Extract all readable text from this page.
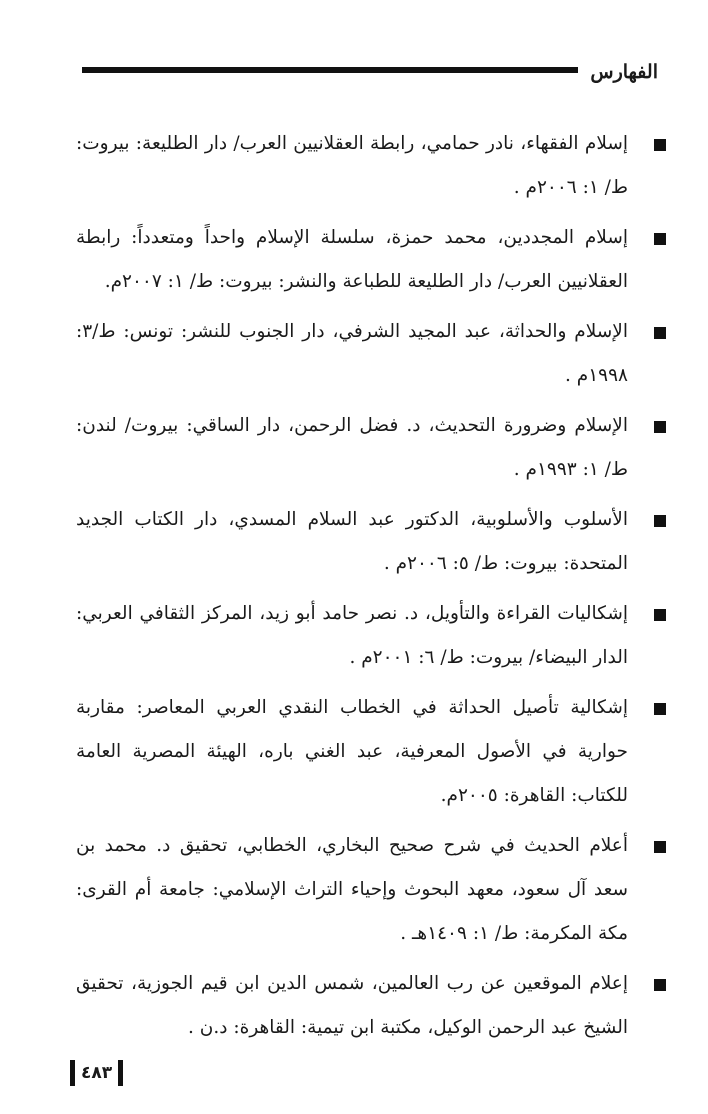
الفهارس
إسلام الفقهاء، نادر حمامي، رابطة العقلانيين العرب/ دار الطليعة: بيروت: ط/ ١: ٢٠٠٦م .
إسلام المجددين، محمد حمزة، سلسلة الإسلام واحداً ومتعدداً: رابطة العقلانيين العرب/ دار الطليعة للطباعة والنشر: بيروت: ط/ ١: ٢٠٠٧م.
الإسلام والحداثة، عبد المجيد الشرفي، دار الجنوب للنشر: تونس: ط/٣: ١٩٩٨م .
الإسلام وضرورة التحديث، د. فضل الرحمن، دار الساقي: بيروت/ لندن: ط/ ١: ١٩٩٣م .
الأسلوب والأسلوبية، الدكتور عبد السلام المسدي، دار الكتاب الجديد المتحدة: بيروت: ط/ ٥: ٢٠٠٦م .
إشكاليات القراءة والتأويل، د. نصر حامد أبو زيد، المركز الثقافي العربي: الدار البيضاء/ بيروت: ط/ ٦: ٢٠٠١م .
إشكالية تأصيل الحداثة في الخطاب النقدي العربي المعاصر: مقاربة حوارية في الأصول المعرفية، عبد الغني باره، الهيئة المصرية العامة للكتاب: القاهرة: ٢٠٠٥م.
أعلام الحديث في شرح صحيح البخاري، الخطابي، تحقيق د. محمد بن سعد آل سعود، معهد البحوث وإحياء التراث الإسلامي: جامعة أم القرى: مكة المكرمة: ط/ ١: ١٤٠٩هـ .
إعلام الموقعين عن رب العالمين، شمس الدين ابن قيم الجوزية، تحقيق الشيخ عبد الرحمن الوكيل، مكتبة ابن تيمية: القاهرة: د.ن .
٤٨٣
